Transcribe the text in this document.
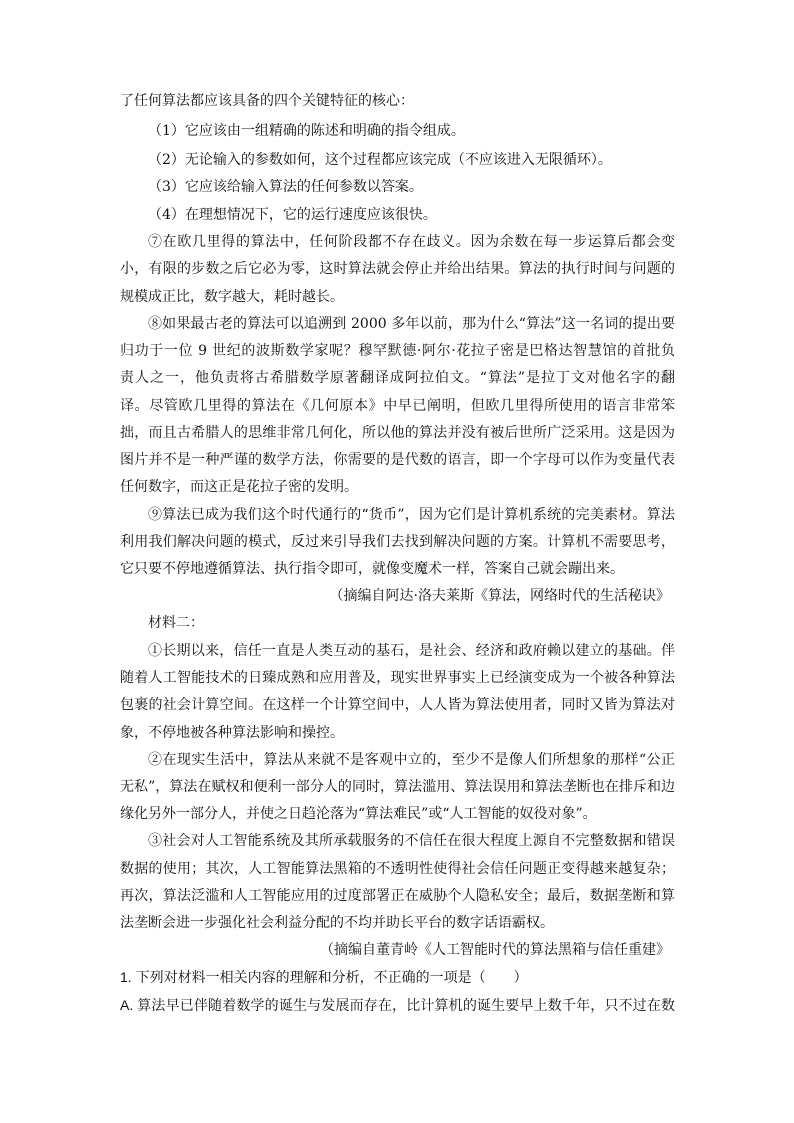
了任何算法都应该具备的四个关键特征的核心：
（1）它应该由一组精确的陈述和明确的指令组成。
（2）无论输入的参数如何，这个过程都应该完成（不应该进入无限循环）。
（3）它应该给输入算法的任何参数以答案。
（4）在理想情况下，它的运行速度应该很快。
⑦在欧几里得的算法中，任何阶段都不存在歧义。因为余数在每一步运算后都会变
小，有限的步数之后它必为零，这时算法就会停止并给出结果。算法的执行时间与问题的
规模成正比，数字越大，耗时越长。
⑧如果最古老的算法可以追溯到 2000 多年以前，那为什么“算法”这一名词的提出要
归功于一位 9 世纪的波斯数学家呢？穆罕默德·阿尔·花拉子密是巴格达智慧馆的首批负
责人之一，他负责将古希腊数学原著翻译成阿拉伯文。“算法”是拉丁文对他名字的翻
译。尽管欧几里得的算法在《几何原本》中早已阐明，但欧几里得所使用的语言非常笨
拙，而且古希腊人的思维非常几何化，所以他的算法并没有被后世所广泛采用。这是因为
图片并不是一种严谨的数学方法，你需要的是代数的语言，即一个字母可以作为变量代表
任何数字，而这正是花拉子密的发明。
⑨算法已成为我们这个时代通行的“货币”，因为它们是计算机系统的完美素材。算法
利用我们解决问题的模式，反过来引导我们去找到解决问题的方案。计算机不需要思考，
它只要不停地遵循算法、执行指令即可，就像变魔术一样，答案自己就会蹦出来。
（摘编自阿达·洛夫莱斯《算法，网络时代的生活秘诀》
材料二：
①长期以来，信任一直是人类互动的基石，是社会、经济和政府赖以建立的基础。伴
随着人工智能技术的日臻成熟和应用普及，现实世界事实上已经演变成为一个被各种算法
包裹的社会计算空间。在这样一个计算空间中，人人皆为算法使用者，同时又皆为算法对
象，不停地被各种算法影响和操控。
②在现实生活中，算法从来就不是客观中立的，至少不是像人们所想象的那样“公正
无私”，算法在赋权和便利一部分人的同时，算法滥用、算法误用和算法垄断也在排斥和边
缘化另外一部分人，并使之日趋沦落为“算法难民”或“人工智能的奴役对象”。
③社会对人工智能系统及其所承载服务的不信任在很大程度上源自不完整数据和错误
数据的使用；其次，人工智能算法黑箱的不透明性使得社会信任问题正变得越来越复杂；
再次，算法泛滥和人工智能应用的过度部署正在威胁个人隐私安全；最后，数据垄断和算
法垄断会进一步强化社会利益分配的不均并助长平台的数字话语霸权。
（摘编自董青岭《人工智能时代的算法黑箱与信任重建》
1. 下列对材料一相关内容的理解和分析，不正确的一项是（　　）
A. 算法早已伴随着数学的诞生与发展而存在，比计算机的诞生要早上数千年，只不过在数
